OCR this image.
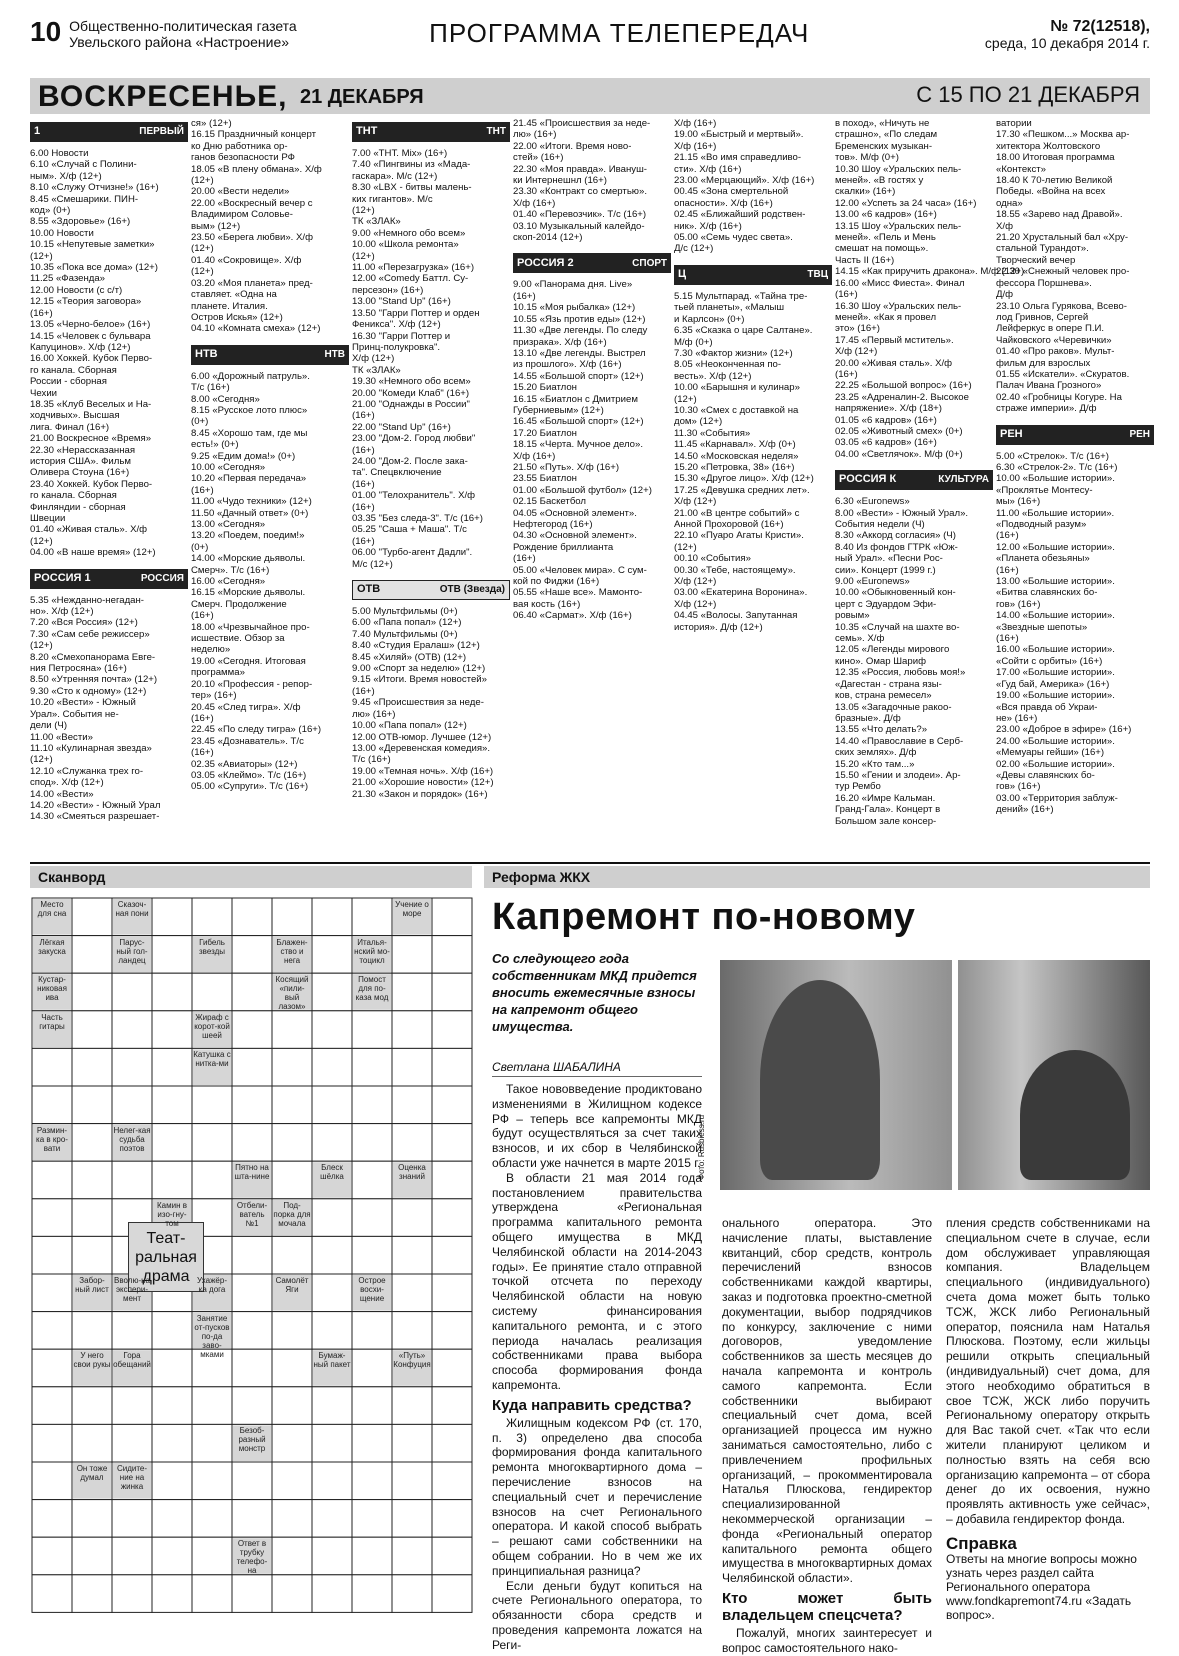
10 Общественно-политическая газета
Увельского района «Настроение»	ПРОГРАММА ТЕЛЕПЕРЕДАЧ	№ 72(12518),
среда, 10 декабря 2014 г.
ВОСКРЕСЕНЬЕ, 21 ДЕКАБРЯ	С 15 ПО 21 ДЕКАБРЯ
1	ПЕРВЫЙ
6.00 Новости
6.10 «Случай с Полини-
ным». Х/ф (12+)
8.10 «Служу Отчизне!» (16+)
8.45 «Смешарики. ПИН-
код» (0+)
8.55 «Здоровье» (16+)
10.00 Новости
10.15 «Непутевые заметки»
(12+)
10.35 «Пока все дома» (12+)
11.25 «Фазенда»
12.00 Новости (с с/т)
12.15 «Теория заговора»
(16+)
13.05 «Черно-белое» (16+)
14.15 «Человек с бульвара
Капуцинов». Х/ф (12+)
16.00 Хоккей. Кубок Перво-
го канала. Сборная
России - сборная
Чехии
18.35 «Клуб Веселых и На-
ходчивых». Высшая
лига. Финал (16+)
21.00 Воскресное «Время»
22.30 «Нерассказанная
история США». Фильм
Оливера Стоуна (16+)
23.40 Хоккей. Кубок Перво-
го канала. Сборная
Финляндии - сборная
Швеции
01.40 «Живая сталь». Х/ф
(12+)
04.00 «В наше время» (12+)
РОССИЯ 1	РОССИЯ
5.35 «Нежданно-негадан-
но». Х/ф (12+)
7.20 «Вся Россия» (12+)
7.30 «Сам себе режиссер»
(12+)
8.20 «Смехопанорама Евге-
ния Петросяна» (16+)
8.50 «Утренняя почта» (12+)
9.30 «Сто к одному» (12+)
10.20 «Вести» - Южный
Урал». События не-
дели (Ч)
11.00 «Вести»
11.10 «Кулинарная звезда»
(12+)
12.10 «Служанка трех го-
спод». Х/ф (12+)
14.00 «Вести»
14.20 «Вести» - Южный Урал
14.30 «Смеяться разрешает-
ся» (12+)
16.15 Праздничный концерт
ко Дню работника ор-
ганов безопасности РФ
18.05 «В плену обмана». Х/ф
(12+)
20.00 «Вести недели»
22.00 «Воскресный вечер с
Владимиром Соловье-
вым» (12+)
23.50 «Берега любви». Х/ф
(12+)
01.40 «Сокровище». Х/ф
(12+)
03.20 «Моя планета» пред-
ставляет. «Одна на
планете. Италия.
Остров Искья» (12+)
04.10 «Комната смеха» (12+)
НТВ	НТВ
6.00 «Дорожный патруль».
Т/с (16+)
8.00 «Сегодня»
8.15 «Русское лото плюс»
(0+)
8.45 «Хорошо там, где мы
есть!» (0+)
9.25 «Едим дома!» (0+)
10.00 «Сегодня»
10.20 «Первая передача»
(16+)
11.00 «Чудо техники» (12+)
11.50 «Дачный ответ» (0+)
13.00 «Сегодня»
13.20 «Поедем, поедим!»
(0+)
14.00 «Морские дьяволы.
Смерч». Т/с (16+)
16.00 «Сегодня»
16.15 «Морские дьяволы.
Смерч. Продолжение
(16+)
18.00 «Чрезвычайное про-
исшествие. Обзор за
неделю»
19.00 «Сегодня. Итоговая
программа»
20.10 «Профессия - репор-
тер» (16+)
20.45 «След тигра». Х/ф
(16+)
22.45 «По следу тигра» (16+)
23.45 «Дознаватель». Т/с
(16+)
02.35 «Авиаторы» (12+)
03.05 «Клеймо». Т/с (16+)
05.00 «Супруги». Т/с (16+)
ТНТ	ТНТ
7.00 «ТНТ. Mix» (16+)
7.40 «Пингвины из «Мада-
гаскара». М/с (12+)
8.30 «LBX - битвы малень-
ких гигантов». М/с
(12+)
ТК «ЗЛАК»
9.00 «Немного обо всем»
10.00 «Школа ремонта»
(12+)
11.00 «Перезагрузка» (16+)
12.00 «Comedy Баттл. Су-
персезон» (16+)
13.00 "Stand Up" (16+)
13.50 "Гарри Поттер и орден
Феникса". Х/ф (12+)
16.30 "Гарри Поттер и
Принц-полукровка".
Х/ф (12+)
ТК «ЗЛАК»
19.30 «Немного обо всем»
20.00 "Комеди Клаб" (16+)
21.00 "Однажды в России"
(16+)
22.00 "Stand Up" (16+)
23.00 "Дом-2. Город любви"
(16+)
24.00 "Дом-2. После зака-
та". Спецвключение
(16+)
01.00 "Телохранитель". Х/ф
(16+)
03.35 "Без следа-3". Т/с (16+)
05.25 "Саша + Маша". Т/с
(16+)
06.00 "Турбо-агент Дадли".
М/с (12+)
ОТВ	ОТВ (Звезда)
5.00 Мультфильмы (0+)
6.00 «Папа попал» (12+)
7.40 Мультфильмы (0+)
8.40 «Студия Ералаш» (12+)
8.45 «Хиляй» (ОТВ) (12+)
9.00 «Спорт за неделю» (12+)
9.15 «Итоги. Время новостей»
(16+)
9.45 «Происшествия за неде-
лю» (16+)
10.00 «Папа попал» (12+)
12.00 ОТВ-юмор. Лучшее (12+)
13.00 «Деревенская комедия».
Т/с (16+)
19.00 «Темная ночь». Х/ф (16+)
21.00 «Хорошие новости» (12+)
21.30 «Закон и порядок» (16+)
21.45 «Происшествия за неде-
лю» (16+)
22.00 «Итоги. Время ново-
стей» (16+)
22.30 «Моя правда». Ивануш-
ки Интернешнл (16+)
23.30 «Контракт со смертью».
Х/ф (16+)
01.40 «Перевозчик». Т/с (16+)
03.10 Музыкальный калейдо-
скоп-2014 (12+)
РОССИЯ 2	СПОРТ
9.00 «Панорама дня. Live»
(16+)
10.15 «Моя рыбалка» (12+)
10.55 «Язь против еды» (12+)
11.30 «Две легенды. По следу
призрака». Х/ф (16+)
13.10 «Две легенды. Выстрел
из прошлого». Х/ф (16+)
14.55 «Большой спорт» (12+)
15.20 Биатлон
16.15 «Биатлон с Дмитрием
Губерниевым» (12+)
16.45 «Большой спорт» (12+)
17.20 Биатлон
18.15 «Черта. Мучное дело».
Х/ф (16+)
21.50 «Путь». Х/ф (16+)
23.55 Биатлон
01.00 «Большой футбол» (12+)
02.15 Баскетбол
04.05 «Основной элемент».
Нефтегород (16+)
04.30 «Основной элемент».
Рождение бриллианта
(16+)
05.00 «Человек мира». С сум-
кой по Фиджи (16+)
05.55 «Наше все». Мамонто-
вая кость (16+)
06.40 «Сармат». Х/ф (16+)
X/ф (16+)
19.00 «Быстрый и мертвый».
Х/ф (16+)
21.15 «Во имя справедливо-
сти». Х/ф (16+)
23.00 «Мерцающий». Х/ф (16+)
00.45 «Зона смертельной
опасности». Х/ф (16+)
02.45 «Ближайший родствен-
ник». Х/ф (16+)
05.00 «Семь чудес света».
Д/с (12+)
Ц	ТВЦ
5.15 Мультпарад. «Тайна тре-
тьей планеты», «Малыш
и Карлсон» (0+)
6.35 «Сказка о царе Салтане».
М/ф (0+)
7.30 «Фактор жизни» (12+)
8.05 «Неоконченная по-
весть». Х/ф (12+)
10.00 «Барышня и кулинар»
(12+)
10.30 «Смех с доставкой на
дом» (12+)
11.30 «События»
11.45 «Карнавал». Х/ф (0+)
14.50 «Московская неделя»
15.20 «Петровка, 38» (16+)
15.30 «Другое лицо». Х/ф (12+)
17.25 «Девушка средних лет».
Х/ф (12+)
21.00 «В центре событий» с
Анной Прохоровой (16+)
22.10 «Пуаро Агаты Кристи».
(12+)
00.10 «События»
00.30 «Тебе, настоящему».
Х/ф (12+)
03.00 «Екатерина Воронина».
Х/ф (12+)
04.45 «Волосы. Запутанная
история». Д/ф (12+)
в поход», «Ничуть не
страшно», «По следам
Бременских музыкан-
тов». М/ф (0+)
10.30 Шоу «Уральских пель-
меней». «В гостях у
скалки» (16+)
12.00 «Успеть за 24 часа» (16+)
13.00 «6 кадров» (16+)
13.15 Шоу «Уральских пель-
меней». «Пель и Мень
смешат на помощь».
Часть II (16+)
14.15 «Как приручить дракона». М/ф (12+)
16.00 «Мисс Фиеста». Финал
(16+)
16.30 Шоу «Уральских пель-
меней». «Как я провел
это» (16+)
17.45 «Первый мститель».
Х/ф (12+)
20.00 «Живая сталь». Х/ф
(16+)
22.25 «Большой вопрос» (16+)
23.25 «Адреналин-2. Высокое
напряжение». Х/ф (18+)
01.05 «6 кадров» (16+)
02.05 «Животный смех» (0+)
03.05 «6 кадров» (16+)
04.00 «Светлячок». М/ф (0+)
РОССИЯ К	КУЛЬТУРА
6.30 «Euronews»
8.00 «Вести» - Южный Урал».
События недели (Ч)
8.30 «Аккорд согласия» (Ч)
8.40 Из фондов ГТРК «Юж-
ный Урал». «Песни Рос-
сии». Концерт (1999 г.)
9.00 «Euronews»
10.00 «Обыкновенный кон-
церт с Эдуардом Эфи-
ровым»
10.35 «Случай на шахте во-
семь». Х/ф
12.05 «Легенды мирового
кино». Омар Шариф
12.35 «Россия, любовь моя!»
«Дагестан - страна язы-
ков, страна ремесел»
13.05 «Загадочные ракоо-
бразные». Д/ф
13.55 «Что делать?»
14.40 «Православие в Серб-
ских землях». Д/ф
15.20 «Кто там...»
15.50 «Гении и злодеи». Ар-
тур Рембо
16.20 «Имре Кальман.
Гранд-Гала». Концерт в
Большом зале консер-
ватории
17.30 «Пешком...» Москва ар-
хитектора Жолтовского
18.00 Итоговая программа
«Контекст»
18.40 К 70-летию Великой
Победы. «Война на всех
одна»
18.55 «Зарево над Дравой».
Х/ф
21.20 Хрустальный бал «Хру-
стальной Турандот».
Творческий вечер
22.30 «Снежный человек про-
фессора Поршнева».
Д/ф
23.10 Ольга Гурякова, Всево-
лод Гривнов, Сергей
Лейферкус в опере П.И.
Чайковского «Черевички»
01.40 «Про раков». Мульт-
фильм для взрослых
01.55 «Искатели». «Скуратов.
Палач Ивана Грозного»
02.40 «Гробницы Когуре. На
страже империи». Д/ф
РЕН	РЕН
5.00 «Стрелок». Т/с (16+)
6.30 «Стрелок-2». Т/с (16+)
10.00 «Большие истории».
«Проклятье Монтесу-
мы» (16+)
11.00 «Большие истории».
«Подводный разум»
(16+)
12.00 «Большие истории».
«Планета обезьяны»
(16+)
13.00 «Большие истории».
«Битва славянских бо-
гов» (16+)
14.00 «Большие истории».
«Звездные шепоты»
(16+)
16.00 «Большие истории».
«Сойти с орбиты» (16+)
17.00 «Большие истории».
«Гуд бай, Америка» (16+)
19.00 «Большие истории».
«Вся правда об Украи-
не» (16+)
23.00 «Доброе в эфире» (16+)
24.00 «Большие истории».
«Мемуары гейши» (16+)
02.00 «Большие истории».
«Девы славянских бо-
гов» (16+)
03.00 «Территория заблуж-
дений» (16+)
Сканворд	Реформа ЖКХ
Теат-ральная драма
Место для сна
Сказоч-ная пони
Учение о море
Лёгкая закуска
Парус-ный гол-ландец
Гибель звезды
Блажен-ство и нега
Италья-нский мо-тоцикл
Кустар-никовая ива
Косящий «пили-вый лазом»
Помост для по-каза мод
Часть гитары
Жираф с корот-кой шеей
Катушка с нитка-ми
Размин-ка в кро-вати
Нелег-кая судьба поэтов
Пятно на шта-нине
Блеск шёлка
Оценка знаний
Камин в изо-гну-том
Отбели-ватель №1
Под-порка для мочала
Забор-ный лист
Вволю-на экспери-мент
Ухажёр-ка дога
Самолёт Яги
Острое восхи-щение
Занятие от-пусков по-да заво-мками
У него свои рукы
Гора обещаний
Бумаж-ный пакет
«Путь» Конфуция
Безоб-разный монстр
Он тоже думал
Сидите-ние на жинка
Ответ в трубку телефо-на
Капремонт по-новому
Со следующего года собственникам МКД придется вносить ежемесячные взносы на капремонт общего имущества.
Светлана ШАБАЛИНА
Фото: Rusbiess.ru

Такое нововведение продиктовано изменениями в Жилищном кодексе РФ – теперь все капремонты МКД будут осуществляться за счет таких взносов, и их сбор в Челябинской области уже начнется в марте 2015 г.

В области 21 мая 2014 года постановлением правительства утверждена «Региональная программа капитального ремонта общего имущества в МКД Челябинской области на 2014-2043 годы». Ее принятие стало отправной точкой отсчета по переходу Челябинской области на новую систему финансирования капитального ремонта, и с этого периода началась реализация собственниками права выбора способа формирования фонда капремонта.

Куда направить средства?

Жилищным кодексом РФ (ст. 170, п. 3) определено два способа формирования фонда капитального ремонта многоквартирного дома – перечисление взносов на специальный счет и перечисление взносов на счет Регионального оператора. И какой способ выбрать – решают сами собственники на общем собрании. Но в чем же их принципиальная разница?

Если деньги будут копиться на счете Регионального оператора, то обязанности сбора средств и проведения капремонта ложатся на Реги-

онального оператора. Это начисление платы, выставление квитанций, сбор средств, контроль перечислений взносов собственниками каждой квартиры, заказ и подготовка проектно-сметной документации, выбор подрядчиков по конкурсу, заключение с ними договоров, уведомление собственников за шесть месяцев до начала капремонта и контроль самого капремонта. Если собственники выбирают специальный счет дома, всей организацией процесса им нужно заниматься самостоятельно, либо с привлечением профильных организаций, – прокомментировала Наталья Плюскова, гендиректор специализированной некоммерческой организации – фонда «Региональный оператор капитального ремонта общего имущества в многоквартирных домах Челябинской области».

Кто может быть владельцем спецсчета?

Пожалуй, многих заинтересует и вопрос самостоятельного нако-

пления средств собственниками на специальном счете в случае, если дом обслуживает управляющая компания. Владельцем специального (индивидуального) счета дома может быть только ТСЖ, ЖСК либо Региональный оператор, пояснила нам Наталья Плюскова. Поэтому, если жильцы решили открыть специальный (индивидуальный) счет дома, для этого необходимо обратиться в свое ТСЖ, ЖСК либо поручить Региональному оператору открыть для Вас такой счет. «Так что если жители планируют целиком и полностью взять на себя всю организацию капремонта – от сбора денег до их освоения, нужно проявлять активность уже сейчас», – добавила гендиректор фонда.

Справка
Ответы на многие вопросы можно узнать через раздел сайта Регионального оператора www.fondkapremont74.ru «Задать вопрос».
